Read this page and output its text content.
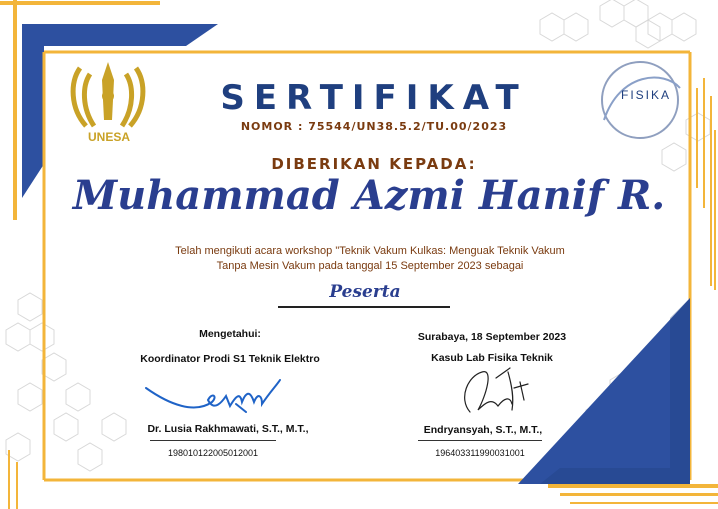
UNESA
FISIKA
SERTIFIKAT
NOMOR : 75544/UN38.5.2/TU.00/2023
DIBERIKAN KEPADA:
Muhammad Azmi Hanif R.
Telah mengikuti acara workshop "Teknik Vakum Kulkas: Menguak Teknik Vakum
Tanpa Mesin Vakum pada tanggal 15 September 2023 sebagai
Peserta
Mengetahui:
Koordinator Prodi S1 Teknik Elektro
Dr. Lusia Rakhmawati, S.T., M.T.,
198010122005012001
Surabaya, 18 September 2023
Kasub Lab Fisika Teknik
Endryansyah, S.T., M.T.,
196403311990031001
